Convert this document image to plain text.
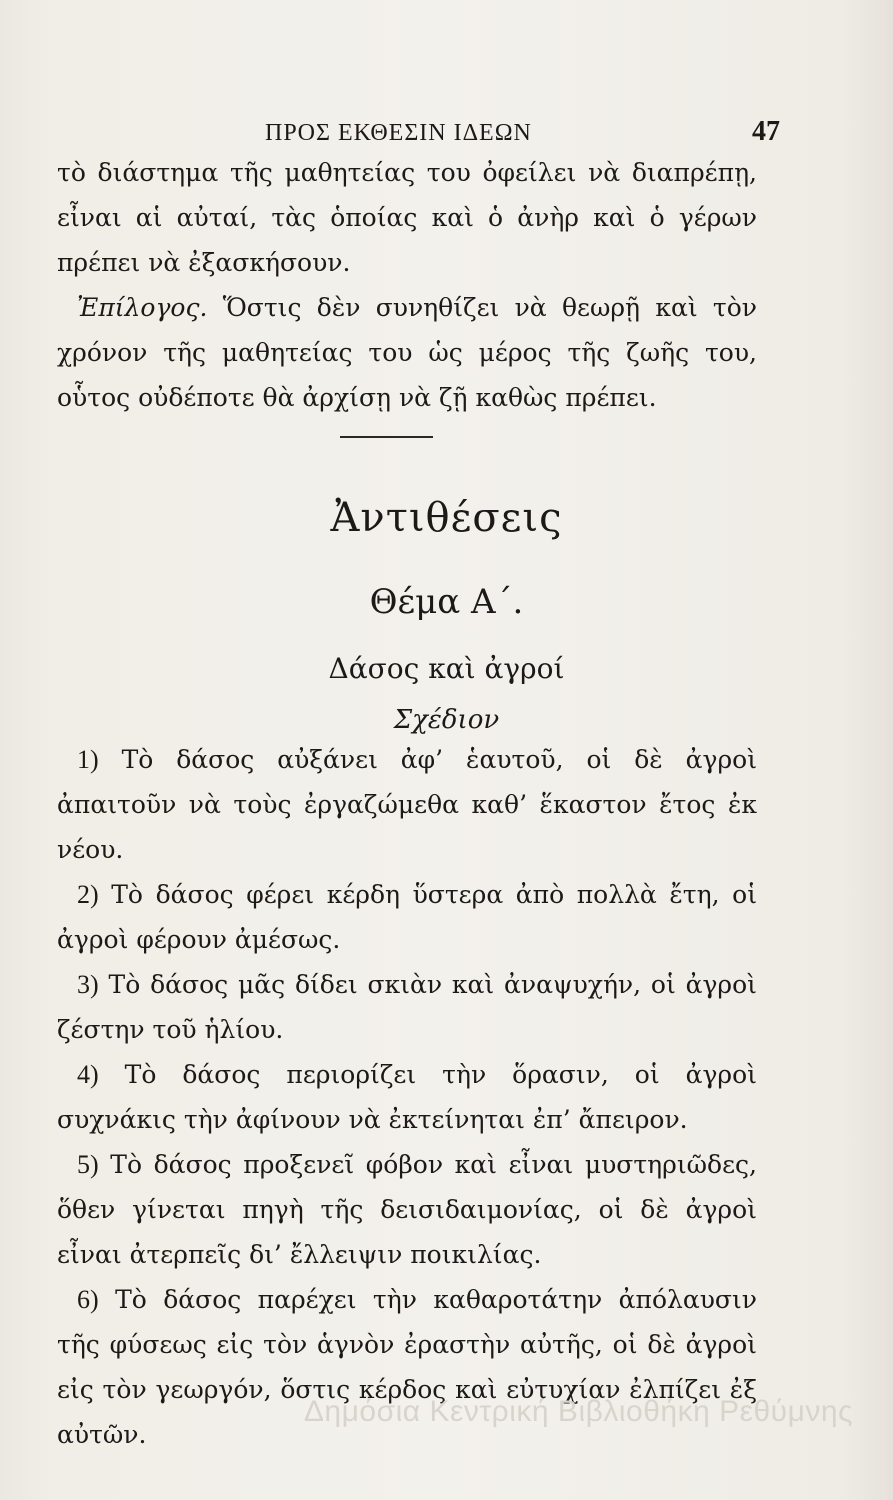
ΠΡΟΣ ΕΚΘΕΣΙΝ ΙΔΕΩΝ	47

τὸ διάστημα τῆς μαθητείας του ὀφείλει νὰ διαπρέπῃ, εἶναι αἱ αὐταί, τὰς ὁποίας καὶ ὁ ἀνὴρ καὶ ὁ γέρων πρέπει νὰ ἐξασκήσουν.

Ἐπίλογος. Ὅστις δὲν συνηθίζει νὰ θεωρῇ καὶ τὸν χρόνον τῆς μαθητείας του ὡς μέρος τῆς ζωῆς του, οὗτος οὐδέποτε θὰ ἀρχίσῃ νὰ ζῇ καθὼς πρέπει.

Ἀντιθέσεις
Θέμα Α΄.
Δάσος καὶ ἀγροί
Σχέδιον

1) Τὸ δάσος αὐξάνει ἀφ’ ἑαυτοῦ, οἱ δὲ ἀγροὶ ἀπαιτοῦν νὰ τοὺς ἐργαζώμεθα καθ’ ἕκαστον ἔτος ἐκ νέου.

2) Τὸ δάσος φέρει κέρδη ὕστερα ἀπὸ πολλὰ ἔτη, οἱ ἀγροὶ φέρουν ἀμέσως.

3) Τὸ δάσος μᾶς δίδει σκιὰν καὶ ἀναψυχήν, οἱ ἀγροὶ ζέστην τοῦ ἡλίου.

4) Τὸ δάσος περιορίζει τὴν ὅρασιν, οἱ ἀγροὶ συχνάκις τὴν ἀφίνουν νὰ ἐκτείνηται ἐπ’ ἄπειρον.

5) Τὸ δάσος προξενεῖ φόβον καὶ εἶναι μυστηριῶδες, ὅθεν γίνεται πηγὴ τῆς δεισιδαιμονίας, οἱ δὲ ἀγροὶ εἶναι ἀτερπεῖς δι’ ἔλλειψιν ποικιλίας.

6) Τὸ δάσος παρέχει τὴν καθαροτάτην ἀπόλαυσιν τῆς φύσεως εἰς τὸν ἁγνὸν ἐραστὴν αὐτῆς, οἱ δὲ ἀγροὶ εἰς τὸν γεωργόν, ὅστις κέρδος καὶ εὐτυχίαν ἐλπίζει ἐξ αὐτῶν.

Δημόσια Κεντρική Βιβλιοθήκη Ρεθύμνης
